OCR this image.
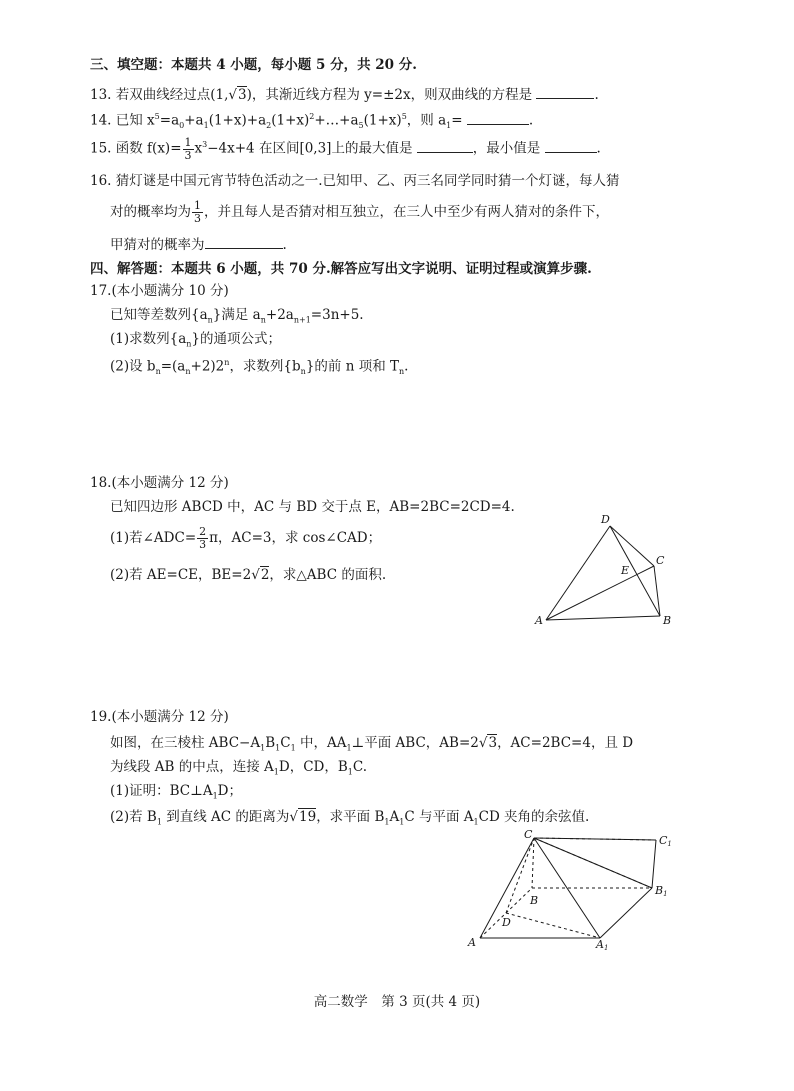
三、填空题：本题共 4 小题，每小题 5 分，共 20 分.
13. 若双曲线经过点(1,√3)，其渐近线方程为 y=±2x，则双曲线的方程是	.
14. 已知 $x^5=a_0+a_1(1+x)+a_2(1+x)^2+\dots+a_5(1+x)^5$，则 $a_1=$	.
15. 函数 $f(x)= \frac{1}{3} x^3-4x+4$ 在区间[0,3]上的最大值是	，最小值是	.
16. 猜灯谜是中国元宵节特色活动之一.已知甲、乙、丙三名同学同时猜一个灯谜，每人猜
对的概率均为 $\frac{1}{3}$ ，并且每人是否猜对相互独立，在三人中至少有两人猜对的条件下，
甲猜对的概率为	.
四、解答题：本题共 6 小题，共 70 分.解答应写出文字说明、证明过程或演算步骤.
17.(本小题满分 10 分)
已知等差数列$\{a_n\}$满足 $a_n+2a_{n+1}=3n+5$.
(1)求数列$\{a_n\}$的通项公式；
(2)设 $b_n=(a_n+2)2^n$，求数列$\{b_n\}$的前 n 项和 $T_n$.
18.(本小题满分 12 分)
已知四边形 ABCD 中，AC 与 BD 交于点 E，AB=2BC=2CD=4.
(1)若∠ADC= $\frac{2}{3}$ π，AC=3，求 cos∠CAD；
(2)若 AE=CE，BE=2√2，求△ABC 的面积.
A	B
C
D
E
19.(本小题满分 12 分)
如图，在三棱柱 $ABC-A_1B_1C_1$ 中，$AA_1\perp$平面 ABC，AB=2√3，AC=2BC=4，且 D
为线段 AB 的中点，连接 $A_1D$，CD，$B_1C$.
(1)证明：$BC\perp A_1D$；
(2)若 $B_1$ 到直线 AC 的距离为√19，求平面 $B_1A_1C$ 与平面 $A_1CD$ 夹角的余弦值.
A
B
C
D
C1
B1
A1
高二数学　第 3 页(共 4 页)
